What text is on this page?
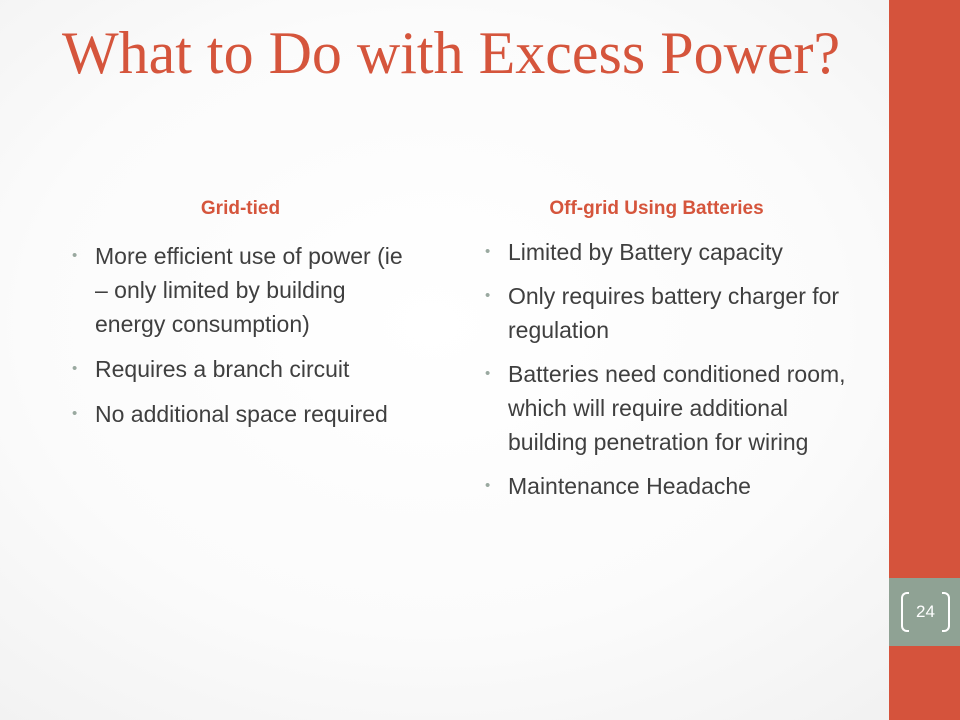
24
What to Do with Excess Power?
Grid-tied	Off-grid Using Batteries
• More efficient use of power (ie – only limited by building energy consumption)
• Requires a branch circuit
• No additional space required
• Limited by Battery capacity
• Only requires battery charger for regulation
• Batteries need conditioned room, which will require additional building penetration for wiring
• Maintenance Headache
